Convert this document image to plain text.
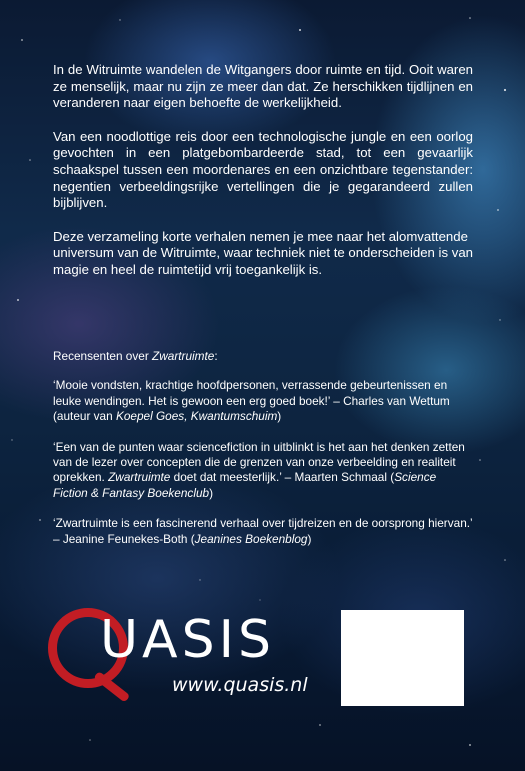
In de Witruimte wandelen de Witgangers door ruimte en tijd. Ooit waren ze menselijk, maar nu zijn ze meer dan dat. Ze herschikken tijdlijnen en veranderen naar eigen behoefte de werkelijkheid.

Van een noodlottige reis door een technologische jungle en een oorlog gevochten in een platgebombardeerde stad, tot een gevaarlijk schaakspel tussen een moordenares en een onzichtbare tegenstander: negentien verbeeldingsrijke vertellingen die je gegarandeerd zullen bijblijven.

Deze verzameling korte verhalen nemen je mee naar het alomvattende universum van de Witruimte, waar techniek niet te onderscheiden is van magie en heel de ruimtetijd vrij toegankelijk is.

Recensenten over Zwartruimte:

‘Mooie vondsten, krachtige hoofdpersonen, verrassende gebeurtenissen en leuke wendingen. Het is gewoon een erg goed boek!’ – Charles van Wettum (auteur van Koepel Goes, Kwantumschuim)

‘Een van de punten waar sciencefiction in uitblinkt is het aan het denken zetten van de lezer over concepten die de grenzen van onze verbeelding en realiteit oprekken. Zwartruimte doet dat meesterlijk.’ – Maarten Schmaal (Science Fiction & Fantasy Boekenclub)

‘Zwartruimte is een fascinerend verhaal over tijdreizen en de oorsprong hiervan.’ – Jeanine Feunekes-Both (Jeanines Boekenblog)

UASIS
www.quasis.nl
